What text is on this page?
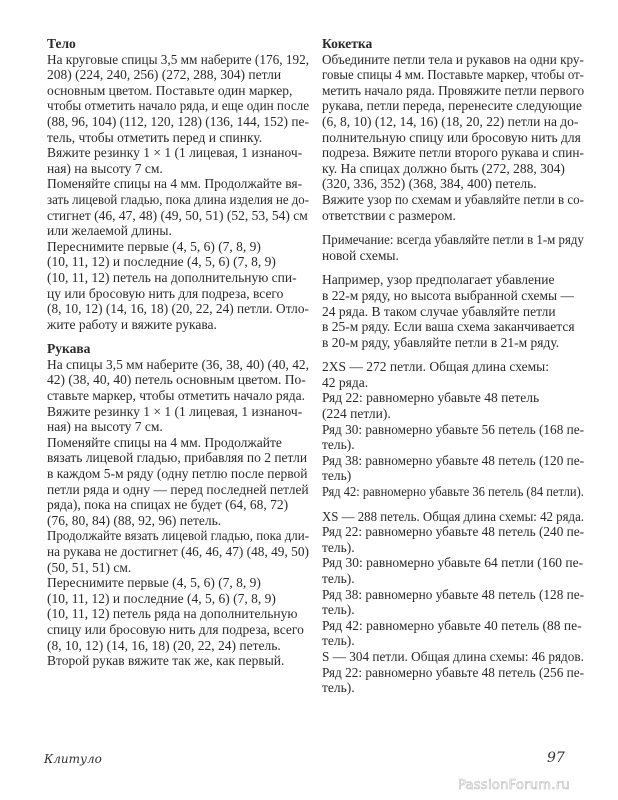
Тело
На круговые спицы 3,5 мм наберите (176, 192,
208) (224, 240, 256) (272, 288, 304) петли
основным цветом. Поставьте один маркер,
чтобы отметить начало ряда, и еще один после
(88, 96, 104) (112, 120, 128) (136, 144, 152) пе-
тель, чтобы отметить перед и спинку.
Вяжите резинку 1 × 1 (1 лицевая, 1 изнаноч-
ная) на высоту 7 см.
Поменяйте спицы на 4 мм. Продолжайте вя-
зать лицевой гладью, пока длина изделия не до-
стигнет (46, 47, 48) (49, 50, 51) (52, 53, 54) см
или желаемой длины.
Переснимите первые (4, 5, 6) (7, 8, 9)
(10, 11, 12) и последние (4, 5, 6) (7, 8, 9)
(10, 11, 12) петель на дополнительную спи-
цу или бросовую нить для подреза, всего
(8, 10, 12) (14, 16, 18) (20, 22, 24) петли. Отло-
жите работу и вяжите рукава.
Рукава
На спицы 3,5 мм наберите (36, 38, 40) (40, 42,
42) (38, 40, 40) петель основным цветом. По-
ставьте маркер, чтобы отметить начало ряда.
Вяжите резинку 1 × 1 (1 лицевая, 1 изнаноч-
ная) на высоту 7 см.
Поменяйте спицы на 4 мм. Продолжайте
вязать лицевой гладью, прибавляя по 2 петли
в каждом 5-м ряду (одну петлю после первой
петли ряда и одну — перед последней петлей
ряда), пока на спицах не будет (64, 68, 72)
(76, 80, 84) (88, 92, 96) петель.
Продолжайте вязать лицевой гладью, пока дли-
на рукава не достигнет (46, 46, 47) (48, 49, 50)
(50, 51, 51) см.
Переснимите первые (4, 5, 6) (7, 8, 9)
(10, 11, 12) и последние (4, 5, 6) (7, 8, 9)
(10, 11, 12) петель ряда на дополнительную
спицу или бросовую нить для подреза, всего
(8, 10, 12) (14, 16, 18) (20, 22, 24) петель.
Второй рукав вяжите так же, как первый.
Кокетка
Объедините петли тела и рукавов на одни кру-
говые спицы 4 мм. Поставьте маркер, чтобы от-
метить начало ряда. Провяжите петли первого
рукава, петли переда, перенесите следующие
(6, 8, 10) (12, 14, 16) (18, 20, 22) петли на до-
полнительную спицу или бросовую нить для
подреза. Вяжите петли второго рукава и спин-
ку. На спицах должно быть (272, 288, 304)
(320, 336, 352) (368, 384, 400) петель.
Вяжите узор по схемам и убавляйте петли в со-
ответствии с размером.
Примечание: всегда убавляйте петли в 1-м ряду
новой схемы.
Например, узор предполагает убавление
в 22-м ряду, но высота выбранной схемы —
24 ряда. В таком случае убавляйте петли
в 25-м ряду. Если ваша схема заканчивается
в 20-м ряду, убавляйте петли в 21-м ряду.
2XS — 272 петли. Общая длина схемы:
42 ряда.
Ряд 22: равномерно убавьте 48 петель
(224 петли).
Ряд 30: равномерно убавьте 56 петель (168 пе-
тель).
Ряд 38: равномерно убавьте 48 петель (120 пе-
тель)
Ряд 42: равномерно убавьте 36 петель (84 петли).
XS — 288 петель. Общая длина схемы: 42 ряда.
Ряд 22: равномерно убавьте 48 петель (240 пе-
тель).
Ряд 30: равномерно убавьте 64 петли (160 пе-
тель).
Ряд 38: равномерно убавьте 48 петель (128 пе-
тель).
Ряд 42: равномерно убавьте 40 петель (88 пе-
тель).
S — 304 петли. Общая длина схемы: 46 рядов.
Ряд 22: равномерно убавьте 48 петель (256 пе-
тель).
Клитуло	97
PassionForum.ru
